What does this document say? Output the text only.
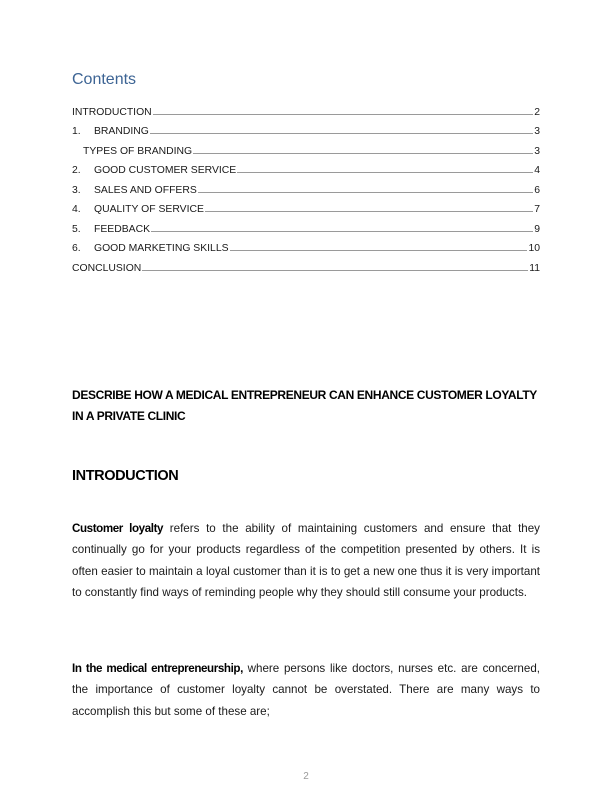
Contents
INTRODUCTION	2
1.	BRANDING	3
TYPES OF BRANDING	3
2.	GOOD CUSTOMER SERVICE	4
3.	SALES AND OFFERS	6
4.	QUALITY OF SERVICE	7
5.	FEEDBACK	9
6.	GOOD MARKETING SKILLS	10
CONCLUSION	11
DESCRIBE HOW A MEDICAL ENTREPRENEUR CAN ENHANCE CUSTOMER LOYALTY IN A PRIVATE CLINIC
INTRODUCTION

Customer loyalty refers to the ability of maintaining customers and ensure that they continually go for your products regardless of the competition presented by others. It is often easier to maintain a loyal customer than it is to get a new one thus it is very important to constantly find ways of reminding people why they should still consume your products.

In the medical entrepreneurship, where persons like doctors, nurses etc. are concerned, the importance of customer loyalty cannot be overstated. There are many ways to accomplish this but some of these are;

2
